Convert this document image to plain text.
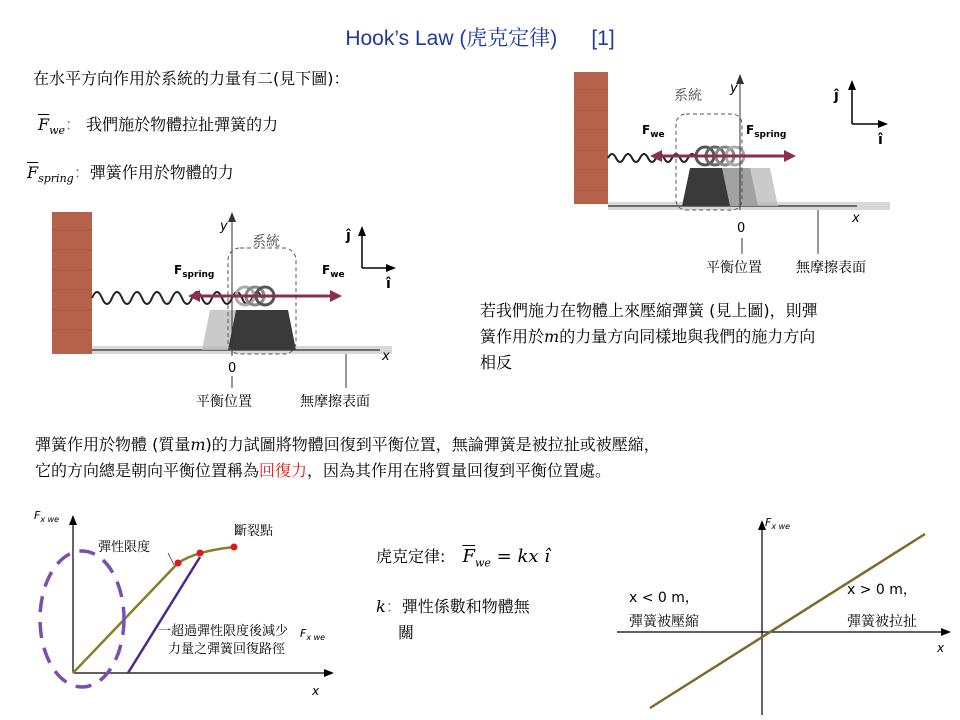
Hook’s Law (虎克定律) [1]
在水平方向作用於系統的力量有二(見下圖)：
$\overline{F}_{we}$： 我們施於物體拉扯彈簧的力
$\overline{F}_{spring}$：彈簧作用於物體的力
系統 y
$F_{we}$	$F_{spring}$
ĵ
î
x
0
平衡位置 無摩擦表面
系統
y
$F_{spring}$	$F_{we}$
ĵ
î
x
0
平衡位置	無摩擦表面
若我們施力在物體上來壓縮彈簧 (見上圖)，則彈
簧作用於m的力量方向同樣地與我們的施力方向
相反
彈簧作用於物體 (質量m)的力試圖將物體回復到平衡位置，無論彈簧是被拉扯或被壓縮，
它的方向總是朝向平衡位置稱為回復力，因為其作用在將質量回復到平衡位置處。
$F_{x we}$
彈性限度
斷裂點
一超過彈性限度後減少
力量之彈簧回復路徑
$F_{x we}$
x
虎克定律: $\overline{F}_{we}$ = kx î
k：彈性係數和物體無
關
$F_{x we}$
x < 0 m，
彈簧被壓縮
x > 0 m，
彈簧被拉扯
x
